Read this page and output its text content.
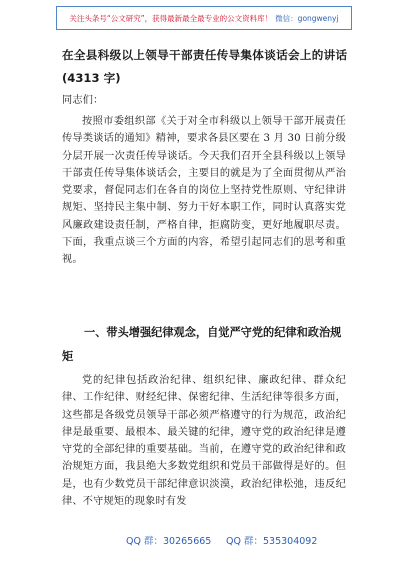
关注头条号“公文研究”，获得最新最全最专业的公文资料库！ 微信：gongwenyj
在全县科级以上领导干部责任传导集体谈话会上的讲话
(4313 字)

同志们：

按照市委组织部《关于对全市科级以上领导干部开展责任传导类谈话的通知》精神，要求各县区要在 3 月 30 日前分级分层开展一次责任传导谈话。今天我们召开全县科级以上领导干部责任传导集体谈话会，主要目的就是为了全面贯彻从严治党要求，督促同志们在各自的岗位上坚持党性原则、守纪律讲规矩、坚持民主集中制、努力干好本职工作，同时认真落实党风廉政建设责任制，严格自律，拒腐防变，更好地履职尽责。下面，我重点谈三个方面的内容，希望引起同志们的思考和重视。

一、带头增强纪律观念，自觉严守党的纪律和政治规矩

党的纪律包括政治纪律、组织纪律、廉政纪律、群众纪律、工作纪律、财经纪律、保密纪律、生活纪律等很多方面，这些都是各级党员领导干部必须严格遵守的行为规范，政治纪律是最重要、最根本、最关键的纪律，遵守党的政治纪律是遵守党的全部纪律的重要基础。当前，在遵守党的政治纪律和政治规矩方面，我县绝大多数党组织和党员干部做得是好的。但是，也有少数党员干部纪律意识淡漠，政治纪律松弛，违反纪律、不守规矩的现象时有发

QQ 群：30265665 QQ 群：535304092
